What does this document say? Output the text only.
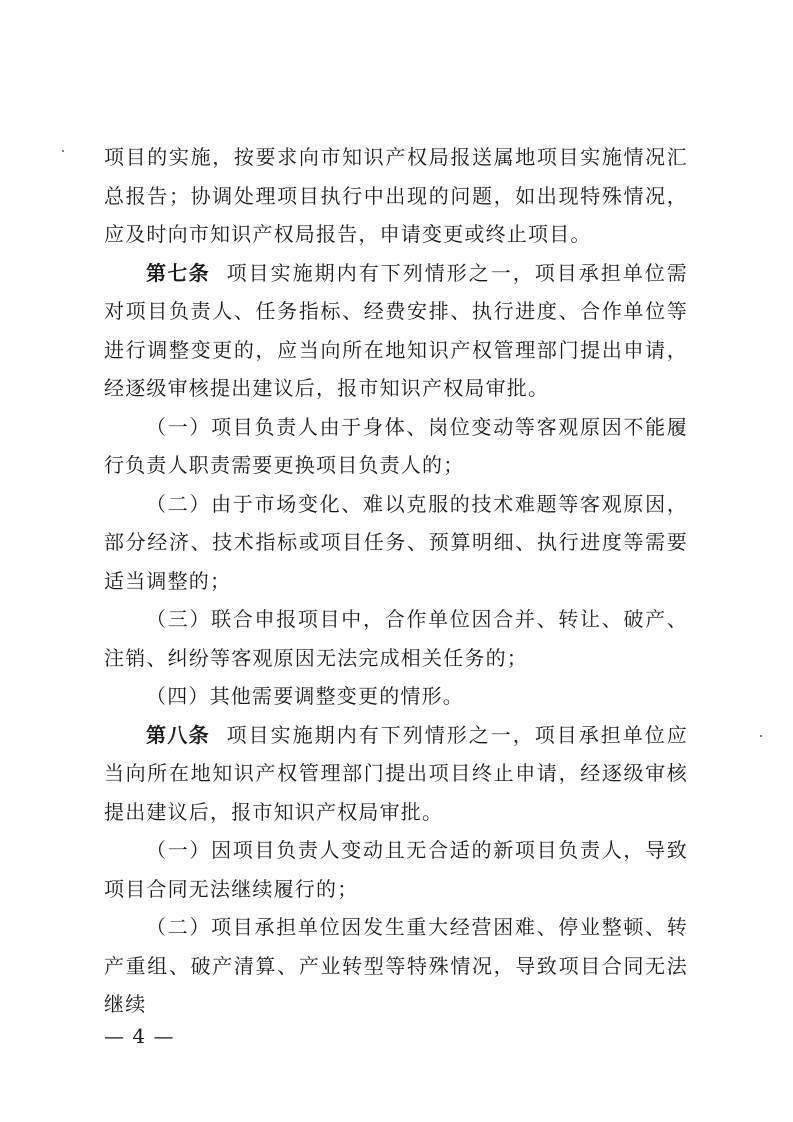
项目的实施，按要求向市知识产权局报送属地项目实施情况汇总报告；协调处理项目执行中出现的问题，如出现特殊情况，应及时向市知识产权局报告，申请变更或终止项目。

第七条 项目实施期内有下列情形之一，项目承担单位需对项目负责人、任务指标、经费安排、执行进度、合作单位等进行调整变更的，应当向所在地知识产权管理部门提出申请，经逐级审核提出建议后，报市知识产权局审批。

（一）项目负责人由于身体、岗位变动等客观原因不能履行负责人职责需要更换项目负责人的；

（二）由于市场变化、难以克服的技术难题等客观原因，部分经济、技术指标或项目任务、预算明细、执行进度等需要适当调整的；

（三）联合申报项目中，合作单位因合并、转让、破产、注销、纠纷等客观原因无法完成相关任务的；

（四）其他需要调整变更的情形。

第八条 项目实施期内有下列情形之一，项目承担单位应当向所在地知识产权管理部门提出项目终止申请，经逐级审核提出建议后，报市知识产权局审批。

（一）因项目负责人变动且无合适的新项目负责人，导致项目合同无法继续履行的；

（二）项目承担单位因发生重大经营困难、停业整顿、转产重组、破产清算、产业转型等特殊情况，导致项目合同无法继续

— 4 —
